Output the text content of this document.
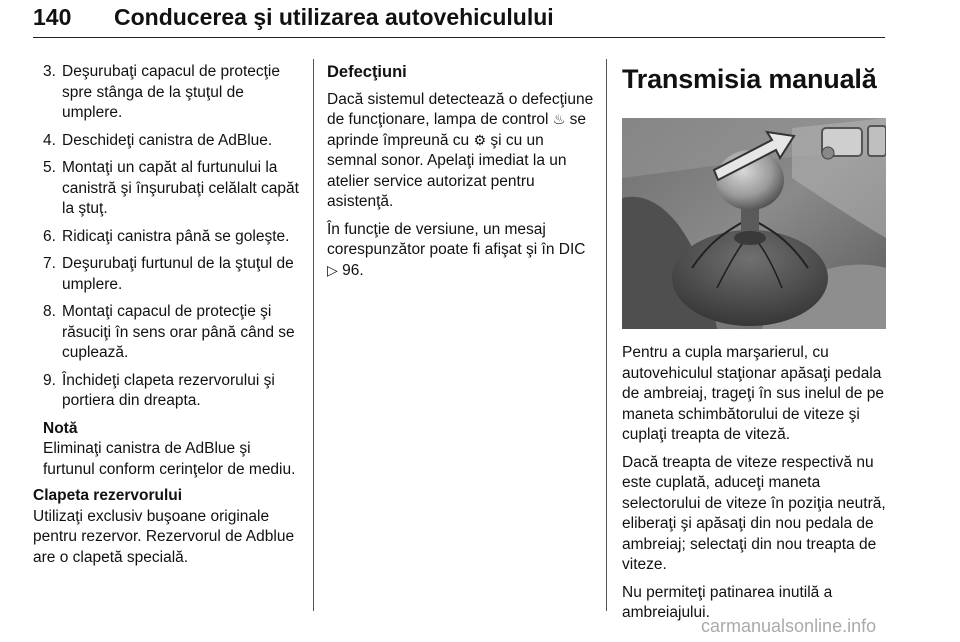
140 Conducerea şi utilizarea autovehiculului
3. Deşurubaţi capacul de protecţie spre stânga de la ştuţul de umplere.
4. Deschideţi canistra de AdBlue.
5. Montaţi un capăt al furtunului la canistră şi înşurubaţi celălalt capăt la ştuţ.
6. Ridicaţi canistra până se goleşte.
7. Deşurubaţi furtunul de la ştuţul de umplere.
8. Montaţi capacul de protecţie şi răsuciţi în sens orar până când se cuplează.
9. Închideţi clapeta rezervorului şi portiera din dreapta.
Notă
Eliminaţi canistra de AdBlue şi furtunul conform cerinţelor de mediu.
Clapeta rezervorului

Utilizaţi exclusiv buşoane originale pentru rezervor. Rezervorul de Adblue are o clapetă specială.

Defecţiuni

Dacă sistemul detectează o defecţiune de funcţionare, lampa de control ♨ se aprinde împreună cu ⚙ şi cu un semnal sonor. Apelaţi imediat la un atelier service autorizat pentru asistenţă.

În funcţie de versiune, un mesaj corespunzător poate fi afişat şi în DIC ▷ 96.

Transmisia manuală

Pentru a cupla marşarierul, cu autovehiculul staţionar apăsaţi pedala de ambreiaj, trageţi în sus inelul de pe maneta schimbătorului de viteze şi cuplaţi treapta de viteză.

Dacă treapta de viteze respectivă nu este cuplată, aduceţi maneta selectorului de viteze în poziţia neutră, eliberaţi şi apăsaţi din nou pedala de ambreiaj; selectaţi din nou treapta de viteze.

Nu permiteţi patinarea inutilă a ambreiajului.

carmanualsonline.info
